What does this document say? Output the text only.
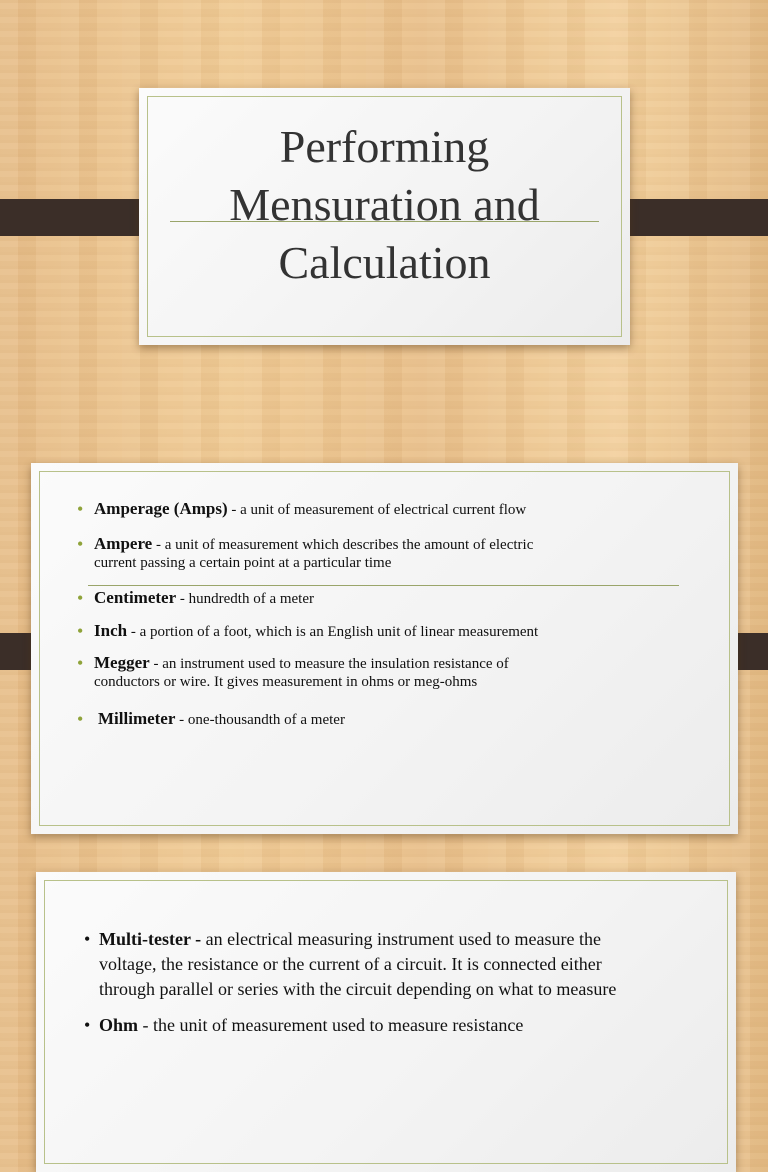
Performing
Mensuration and
Calculation
• Amperage (Amps) - a unit of measurement of electrical current flow
• Ampere - a unit of measurement which describes the amount of electric
current passing a certain point at a particular time
• Centimeter - hundredth of a meter
• Inch - a portion of a foot, which is an English unit of linear measurement
• Megger - an instrument used to measure the insulation resistance of
conductors or wire. It gives measurement in ohms or meg-ohms
• Millimeter - one-thousandth of a meter
• Multi-tester - an electrical measuring instrument used to measure the
voltage, the resistance or the current of a circuit. It is connected either
through parallel or series with the circuit depending on what to measure
• Ohm - the unit of measurement used to measure resistance
